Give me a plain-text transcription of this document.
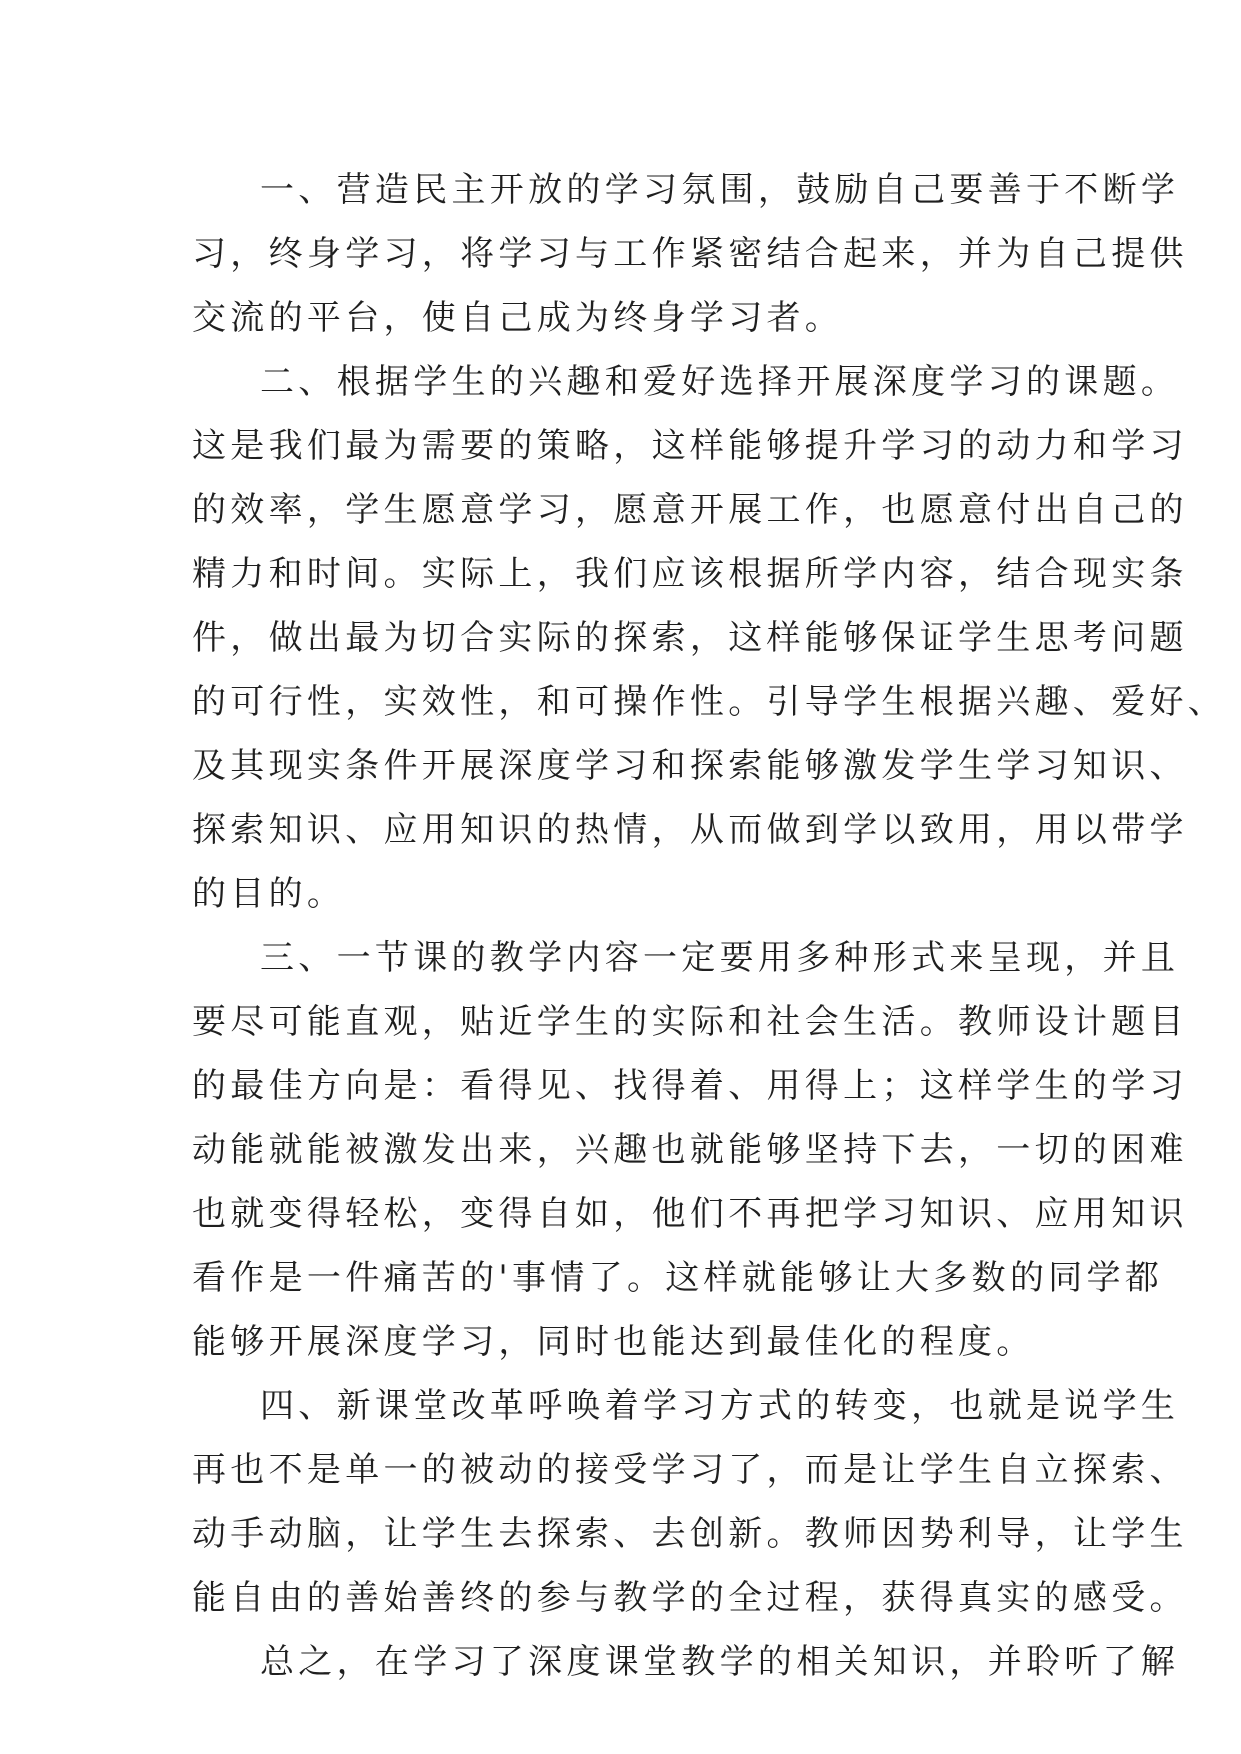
一、营造民主开放的学习氛围，鼓励自己要善于不断学
习，终身学习，将学习与工作紧密结合起来，并为自己提供
交流的平台，使自己成为终身学习者。
二、根据学生的兴趣和爱好选择开展深度学习的课题。
这是我们最为需要的策略，这样能够提升学习的动力和学习
的效率，学生愿意学习，愿意开展工作，也愿意付出自己的
精力和时间。实际上，我们应该根据所学内容，结合现实条
件，做出最为切合实际的探索，这样能够保证学生思考问题
的可行性，实效性，和可操作性。引导学生根据兴趣、爱好、
及其现实条件开展深度学习和探索能够激发学生学习知识、
探索知识、应用知识的热情，从而做到学以致用，用以带学
的目的。
三、一节课的教学内容一定要用多种形式来呈现，并且
要尽可能直观，贴近学生的实际和社会生活。教师设计题目
的最佳方向是：看得见、找得着、用得上；这样学生的学习
动能就能被激发出来，兴趣也就能够坚持下去，一切的困难
也就变得轻松，变得自如，他们不再把学习知识、应用知识
看作是一件痛苦的'事情了。这样就能够让大多数的同学都
能够开展深度学习，同时也能达到最佳化的程度。
四、新课堂改革呼唤着学习方式的转变，也就是说学生
再也不是单一的被动的接受学习了，而是让学生自立探索、
动手动脑，让学生去探索、去创新。教师因势利导，让学生
能自由的善始善终的参与教学的全过程，获得真实的感受。
总之，在学习了深度课堂教学的相关知识，并聆听了解
